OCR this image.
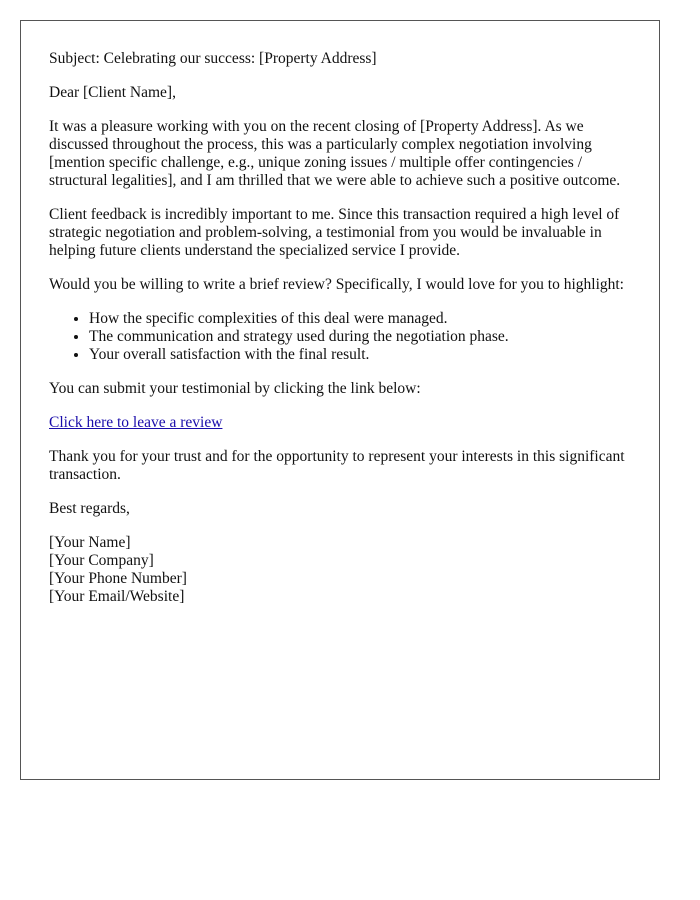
Subject: Celebrating our success: [Property Address]

Dear [Client Name],

It was a pleasure working with you on the recent closing of [Property Address]. As we discussed throughout the process, this was a particularly complex negotiation involving [mention specific challenge, e.g., unique zoning issues / multiple offer contingencies / structural legalities], and I am thrilled that we were able to achieve such a positive outcome.

Client feedback is incredibly important to me. Since this transaction required a high level of strategic negotiation and problem-solving, a testimonial from you would be invaluable in helping future clients understand the specialized service I provide.

Would you be willing to write a brief review? Specifically, I would love for you to highlight:

• How the specific complexities of this deal were managed.
• The communication and strategy used during the negotiation phase.
• Your overall satisfaction with the final result.

You can submit your testimonial by clicking the link below:

Click here to leave a review

Thank you for your trust and for the opportunity to represent your interests in this significant transaction.

Best regards,

[Your Name]
[Your Company]
[Your Phone Number]
[Your Email/Website]
